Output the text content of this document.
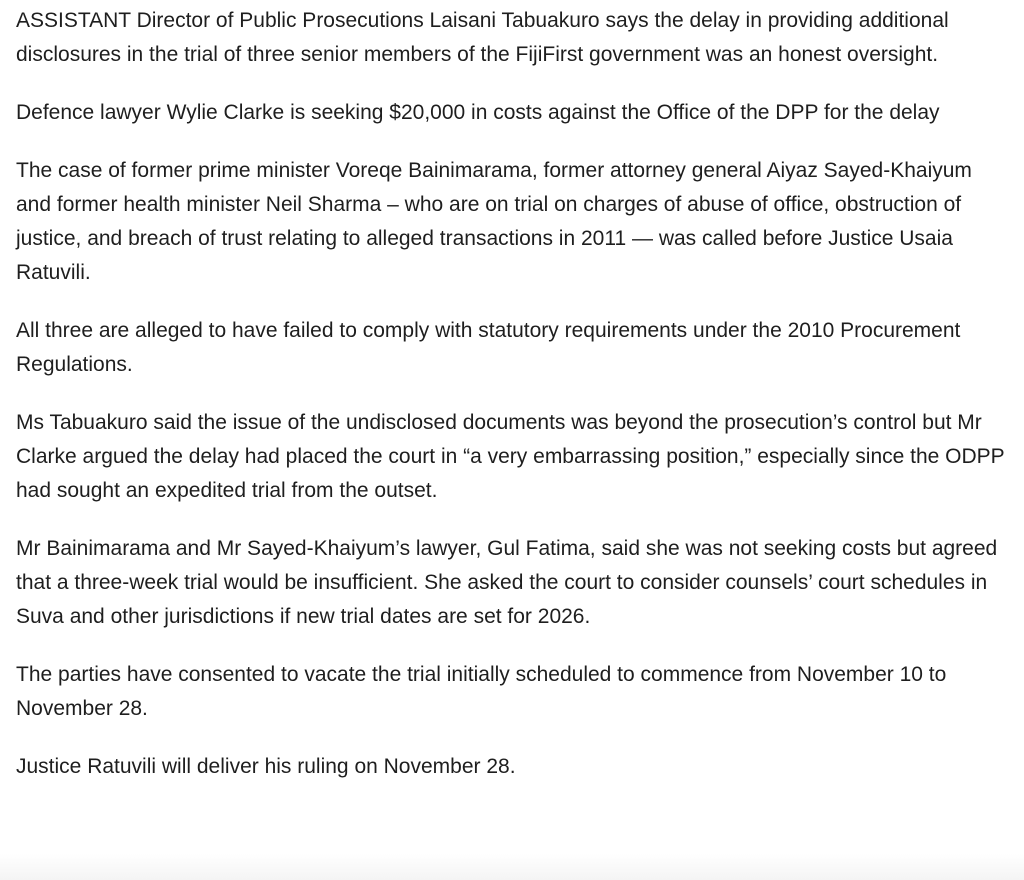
ASSISTANT Director of Public Prosecutions Laisani Tabuakuro says the delay in providing additional disclosures in the trial of three senior members of the FijiFirst government was an honest oversight.

Defence lawyer Wylie Clarke is seeking $20,000 in costs against the Office of the DPP for the delay

The case of former prime minister Voreqe Bainimarama, former attorney general Aiyaz Sayed-Khaiyum and former health minister Neil Sharma – who are on trial on charges of abuse of office, obstruction of justice, and breach of trust relating to alleged transactions in 2011 — was called before Justice Usaia Ratuvili.

All three are alleged to have failed to comply with statutory requirements under the 2010 Procurement Regulations.

Ms Tabuakuro said the issue of the undisclosed documents was beyond the prosecution’s control but Mr Clarke argued the delay had placed the court in “a very embarrassing position,” especially since the ODPP had sought an expedited trial from the outset.

Mr Bainimarama and Mr Sayed-Khaiyum’s lawyer, Gul Fatima, said she was not seeking costs but agreed that a three-week trial would be insufficient. She asked the court to consider counsels’ court schedules in Suva and other jurisdictions if new trial dates are set for 2026.

The parties have consented to vacate the trial initially scheduled to commence from November 10 to November 28.

Justice Ratuvili will deliver his ruling on November 28.
